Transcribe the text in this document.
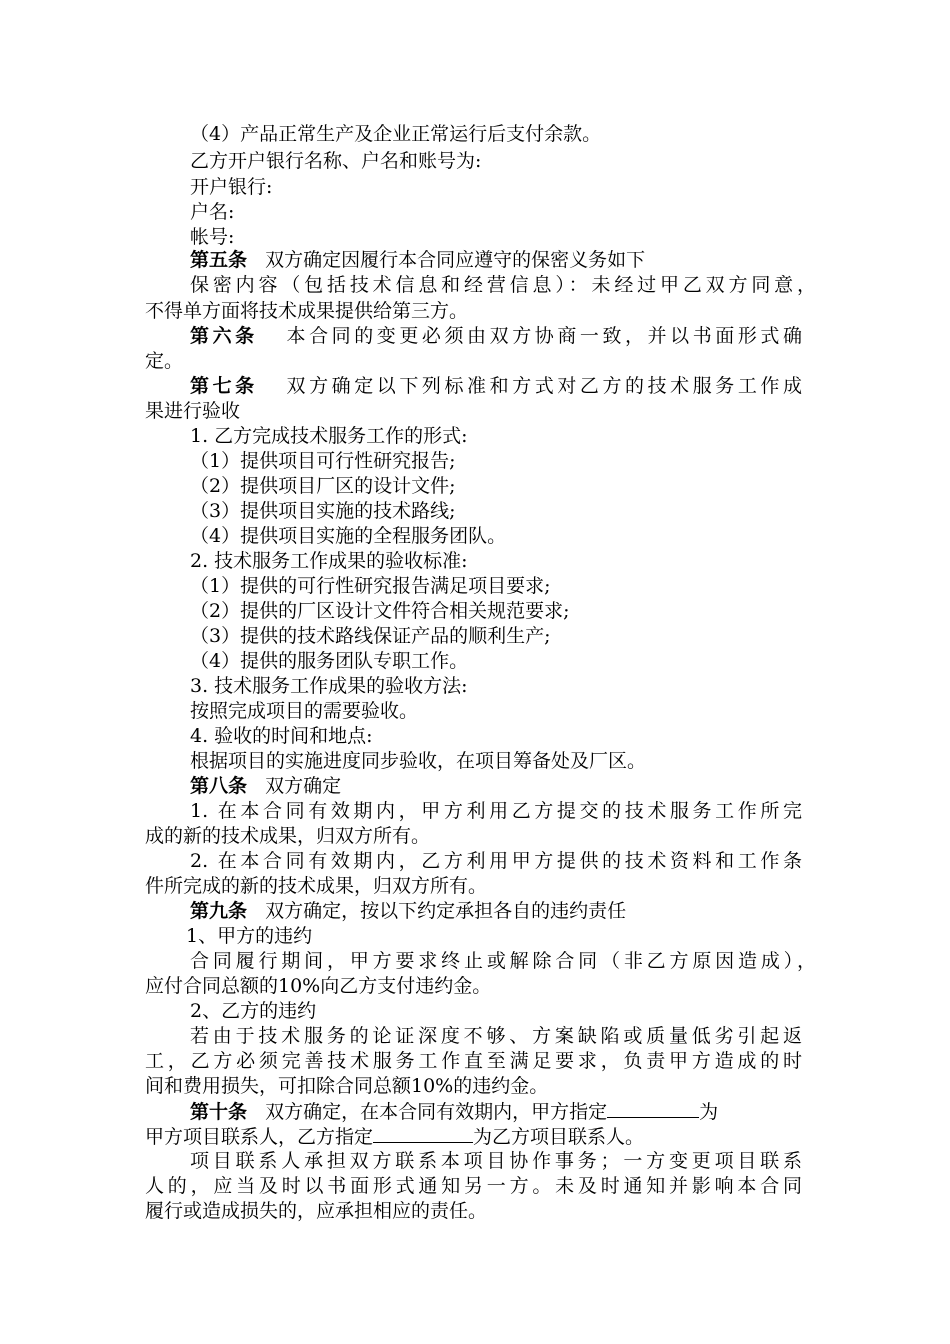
（4）产品正常生产及企业正常运行后支付余款。
乙方开户银行名称、户名和账号为:
开户银行:
户名:
帐号:
第五条 双方确定因履行本合同应遵守的保密义务如下
保密内容（包括技术信息和经营信息）：未经过甲乙双方同意，
不得单方面将技术成果提供给第三方。
第六条 本合同的变更必须由双方协商一致，并以书面形式确
定。
第七条 双方确定以下列标准和方式对乙方的技术服务工作成
果进行验收
1. 乙方完成技术服务工作的形式:
（1）提供项目可行性研究报告;
（2）提供项目厂区的设计文件;
（3）提供项目实施的技术路线;
（4）提供项目实施的全程服务团队。
2. 技术服务工作成果的验收标准:
（1）提供的可行性研究报告满足项目要求;
（2）提供的厂区设计文件符合相关规范要求;
（3）提供的技术路线保证产品的顺利生产;
（4）提供的服务团队专职工作。
3. 技术服务工作成果的验收方法:
按照完成项目的需要验收。
4. 验收的时间和地点:
根据项目的实施进度同步验收，在项目筹备处及厂区。
第八条 双方确定
1. 在本合同有效期内，甲方利用乙方提交的技术服务工作所完
成的新的技术成果，归双方所有。
2. 在本合同有效期内，乙方利用甲方提供的技术资料和工作条
件所完成的新的技术成果，归双方所有。
第九条 双方确定，按以下约定承担各自的违约责任
1、甲方的违约
合同履行期间，甲方要求终止或解除合同（非乙方原因造成），
应付合同总额的10%向乙方支付违约金。
2、乙方的违约
若由于技术服务的论证深度不够、方案缺陷或质量低劣引起返
工，乙方必须完善技术服务工作直至满足要求，负责甲方造成的时
间和费用损失，可扣除合同总额10%的违约金。
第十条 双方确定，在本合同有效期内，甲方指定	为
甲方项目联系人，乙方指定	为乙方项目联系人。
项目联系人承担双方联系本项目协作事务；一方变更项目联系
人的，应当及时以书面形式通知另一方。未及时通知并影响本合同
履行或造成损失的，应承担相应的责任。
